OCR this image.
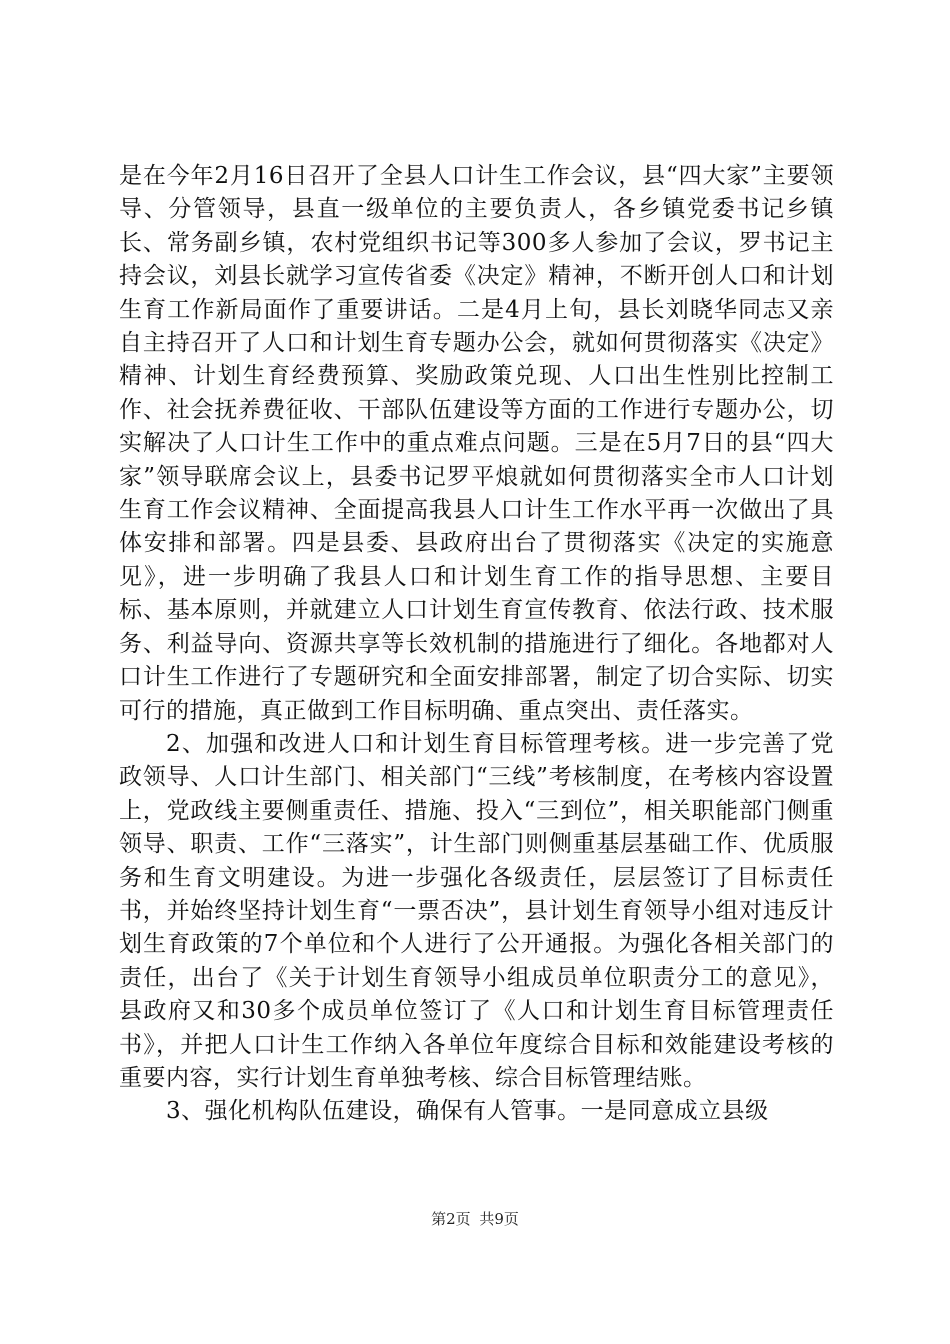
是在今年2月16日召开了全县人口计生工作会议，县“四大家”主要领导、分管领导，县直一级单位的主要负责人，各乡镇党委书记乡镇长、常务副乡镇，农村党组织书记等300多人参加了会议，罗书记主持会议，刘县长就学习宣传省委《决定》精神，不断开创人口和计划生育工作新局面作了重要讲话。二是4月上旬，县长刘晓华同志又亲自主持召开了人口和计划生育专题办公会，就如何贯彻落实《决定》精神、计划生育经费预算、奖励政策兑现、人口出生性别比控制工作、社会抚养费征收、干部队伍建设等方面的工作进行专题办公，切实解决了人口计生工作中的重点难点问题。三是在5月7日的县“四大家”领导联席会议上，县委书记罗平烺就如何贯彻落实全市人口计划生育工作会议精神、全面提高我县人口计生工作水平再一次做出了具体安排和部署。四是县委、县政府出台了贯彻落实《决定的实施意见》，进一步明确了我县人口和计划生育工作的指导思想、主要目标、基本原则，并就建立人口计划生育宣传教育、依法行政、技术服务、利益导向、资源共享等长效机制的措施进行了细化。各地都对人口计生工作进行了专题研究和全面安排部署，制定了切合实际、切实可行的措施，真正做到工作目标明确、重点突出、责任落实。

2、加强和改进人口和计划生育目标管理考核。进一步完善了党政领导、人口计生部门、相关部门“三线”考核制度，在考核内容设置上，党政线主要侧重责任、措施、投入“三到位”，相关职能部门侧重领导、职责、工作“三落实”，计生部门则侧重基层基础工作、优质服务和生育文明建设。为进一步强化各级责任，层层签订了目标责任书，并始终坚持计划生育“一票否决”，县计划生育领导小组对违反计划生育政策的7个单位和个人进行了公开通报。为强化各相关部门的责任，出台了《关于计划生育领导小组成员单位职责分工的意见》，县政府又和30多个成员单位签订了《人口和计划生育目标管理责任书》，并把人口计生工作纳入各单位年度综合目标和效能建设考核的重要内容，实行计划生育单独考核、综合目标管理结账。

3、强化机构队伍建设，确保有人管事。一是同意成立县级

第2页 共9页
